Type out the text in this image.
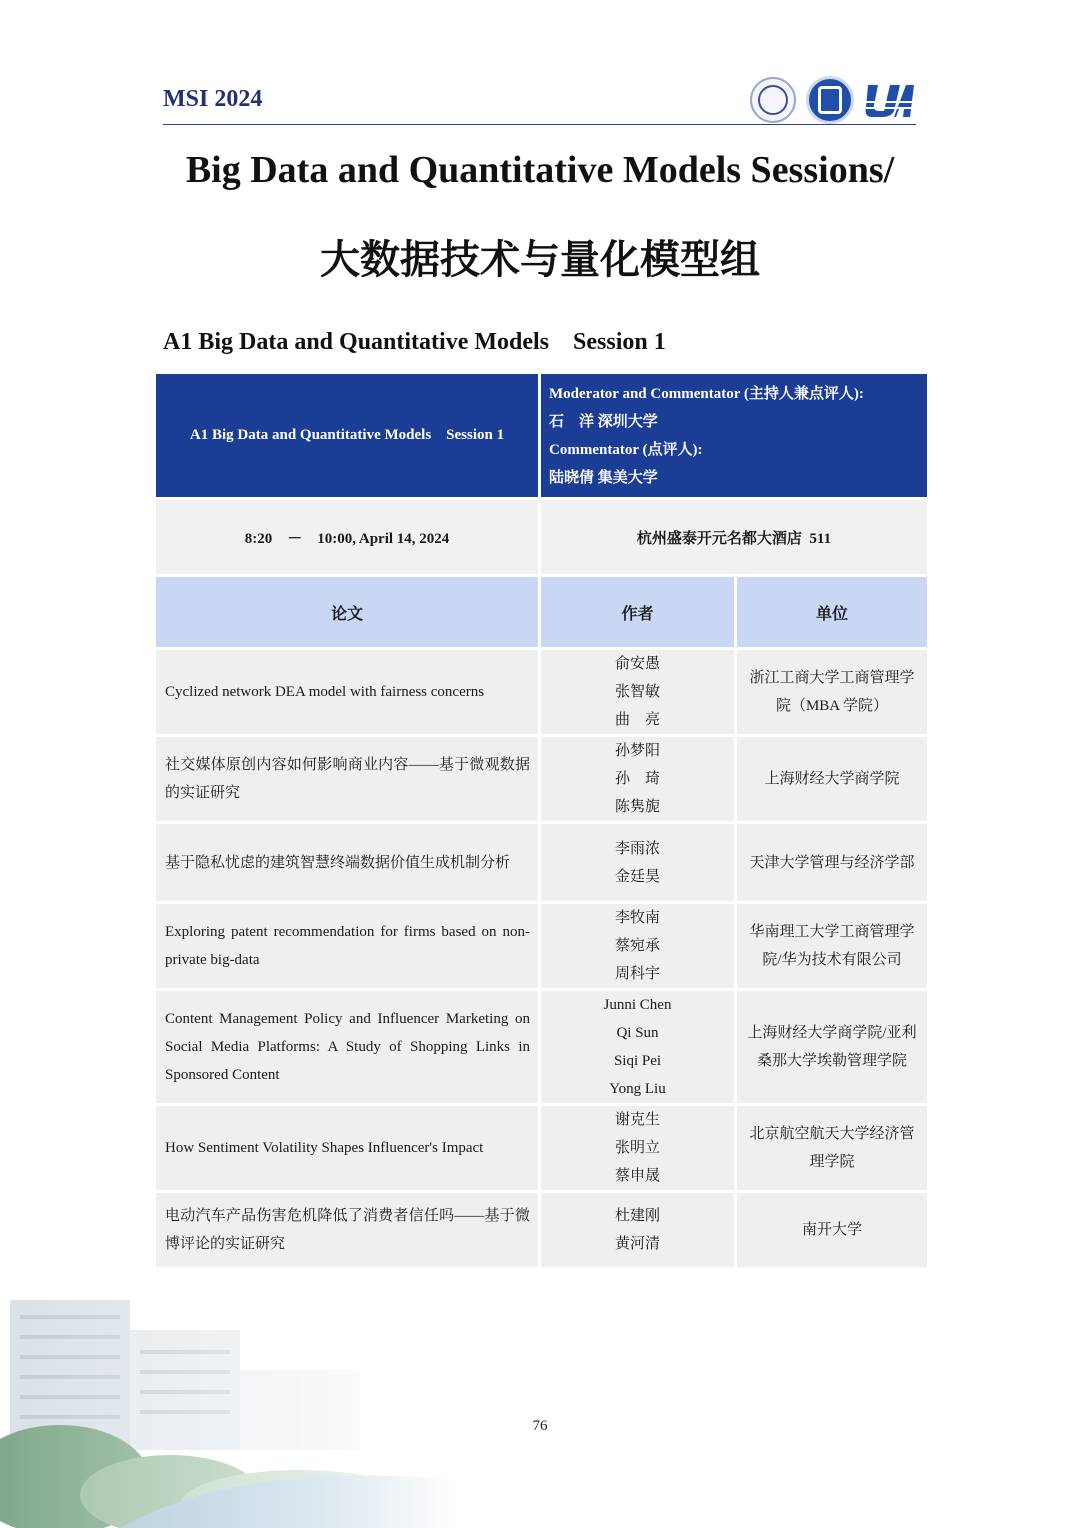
MSI 2024
Big Data and Quantitative Models Sessions/
大数据技术与量化模型组
A1 Big Data and Quantitative Models    Session 1
A1 Big Data and Quantitative Models    Session 1	Moderator and Commentator (主持人兼点评人):
石　洋 深圳大学
Commentator (点评人):
陆晓倩 集美大学	

8:20　－　10:00, April 14, 2024	杭州盛泰开元名都大酒店  511	
论文	作者	单位
Cyclized network DEA model with fairness concerns	俞安愚
张智敏
曲　亮	浙江工商大学工商管理学院（MBA 学院）
社交媒体原创内容如何影响商业内容——基于微观数据的实证研究	孙梦阳
孙　琦
陈隽旎	上海财经大学商学院
基于隐私忧虑的建筑智慧终端数据价值生成机制分析	李雨浓
金廷昊	天津大学管理与经济学部
Exploring patent recommendation for firms based on non-private big-data	李牧南
蔡宛承
周科宇	华南理工大学工商管理学院/华为技术有限公司
Content Management Policy and Influencer Marketing on Social Media Platforms: A Study of Shopping Links in Sponsored Content	Junni Chen
Qi Sun
Siqi Pei
Yong Liu	上海财经大学商学院/亚利桑那大学埃勒管理学院
How Sentiment Volatility Shapes Influencer's Impact	谢克生
张明立
蔡申晟	北京航空航天大学经济管理学院
电动汽车产品伤害危机降低了消费者信任吗——基于微博评论的实证研究	杜建刚
黄河清	南开大学
76
